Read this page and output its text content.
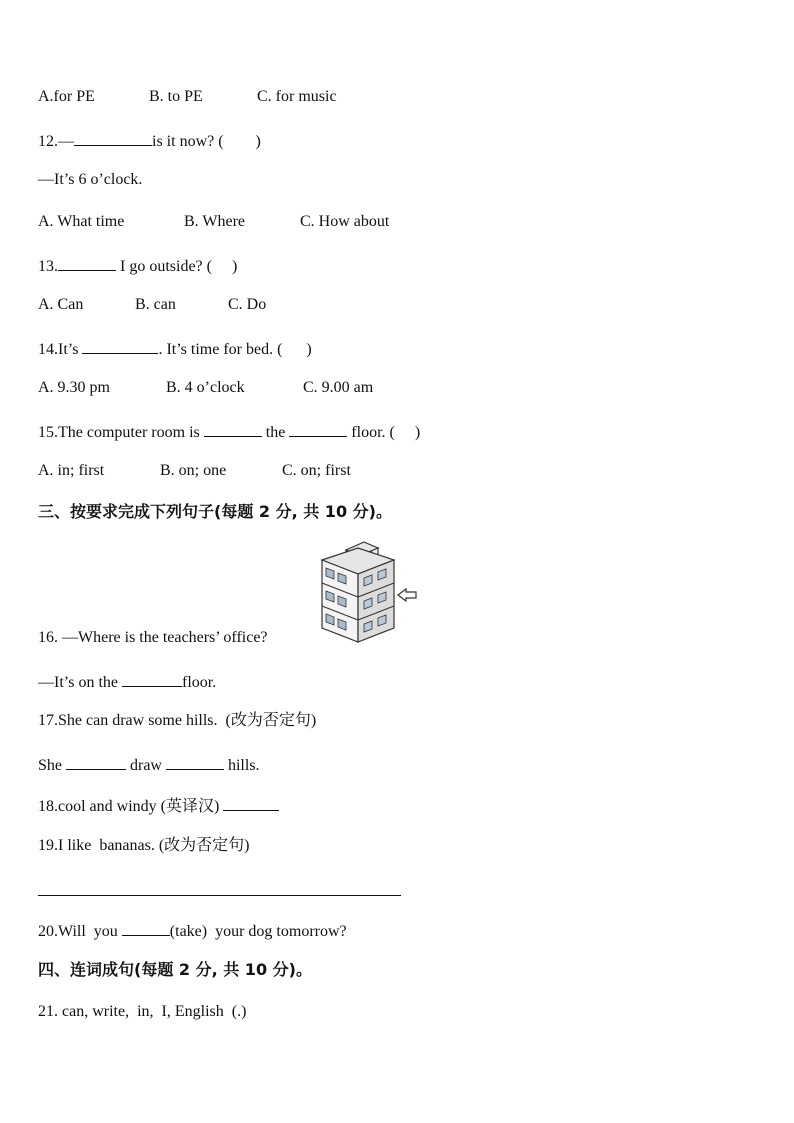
A.for PE	B. to PE	C. for music
12.—	is it now? (        )
—It’s 6 o’clock.
A. What time	B. Where	C. How about
13.	I go outside? (     )
A. Can	B. can	C. Do
14.It’s	. It’s time for bed. (      )
A. 9.30 pm	B. 4 o’clock	C. 9.00 am
15.The computer room is	the	floor. (     )
A. in; first	B. on; one	C. on; first
三、按要求完成下列句子(每题 2 分, 共 10 分)。
16. —Where is the teachers’ office?
—It’s on the	floor.
17.She can draw some hills.  (改为否定句)
She	draw	hills.
18.cool and windy (英译汉)
19.I like  bananas. (改为否定句)
20.Will  you	(take)  your dog tomorrow?
四、连词成句(每题 2 分, 共 10 分)。
21. can, write,  in,  I, English  (.)
